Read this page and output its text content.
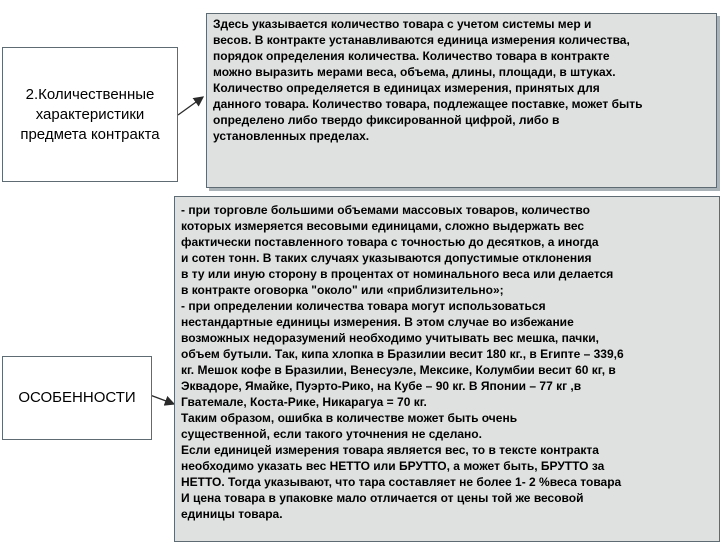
2.Количественные
характеристики
предмета контракта
ОСОБЕННОСТИ

Здесь указывается количество товара с учетом системы мер и
весов. В контракте устанавливаются единица измерения количества,
порядок определения количества. Количество товара в контракте
можно выразить мерами веса, объема, длины, площади, в штуках.
Количество определяется в единицах измерения, принятых для
данного товара. Количество товара, подлежащее поставке, может быть
определено либо твердо фиксированной цифрой, либо в
установленных пределах.

- при торговле большими объемами массовых товаров, количество
которых измеряется весовыми единицами, сложно выдержать вес
фактически поставленного товара с точностью до десятков, а иногда
и сотен тонн. В таких случаях указываются допустимые отклонения
в ту или иную сторону в процентах от номинального веса или делается
в контракте оговорка "около" или «приблизительно»;
- при определении количества товара могут использоваться
нестандартные единицы измерения. В этом случае во избежание
возможных недоразумений необходимо учитывать вес мешка, пачки,
объем бутыли. Так, кипа хлопка в Бразилии весит 180 кг., в Египте – 339,6
кг. Мешок кофе в Бразилии, Венесуэле, Мексике, Колумбии весит 60 кг, в
Эквадоре, Ямайке, Пуэрто-Рико, на Кубе – 90 кг. В Японии – 77 кг ,в
Гватемале, Коста-Рике, Никарагуа = 70 кг.
Таким образом, ошибка в количестве может быть очень
существенной, если такого уточнения не сделано.
Если единицей измерения товара является вес, то в тексте контракта
необходимо указать вес НЕТТО или БРУТТО, а может быть, БРУТТО за
НЕТТО. Тогда указывают, что тара составляет не более 1- 2 %веса товара
И цена товара в упаковке мало отличается от цены той же весовой
единицы товара.
